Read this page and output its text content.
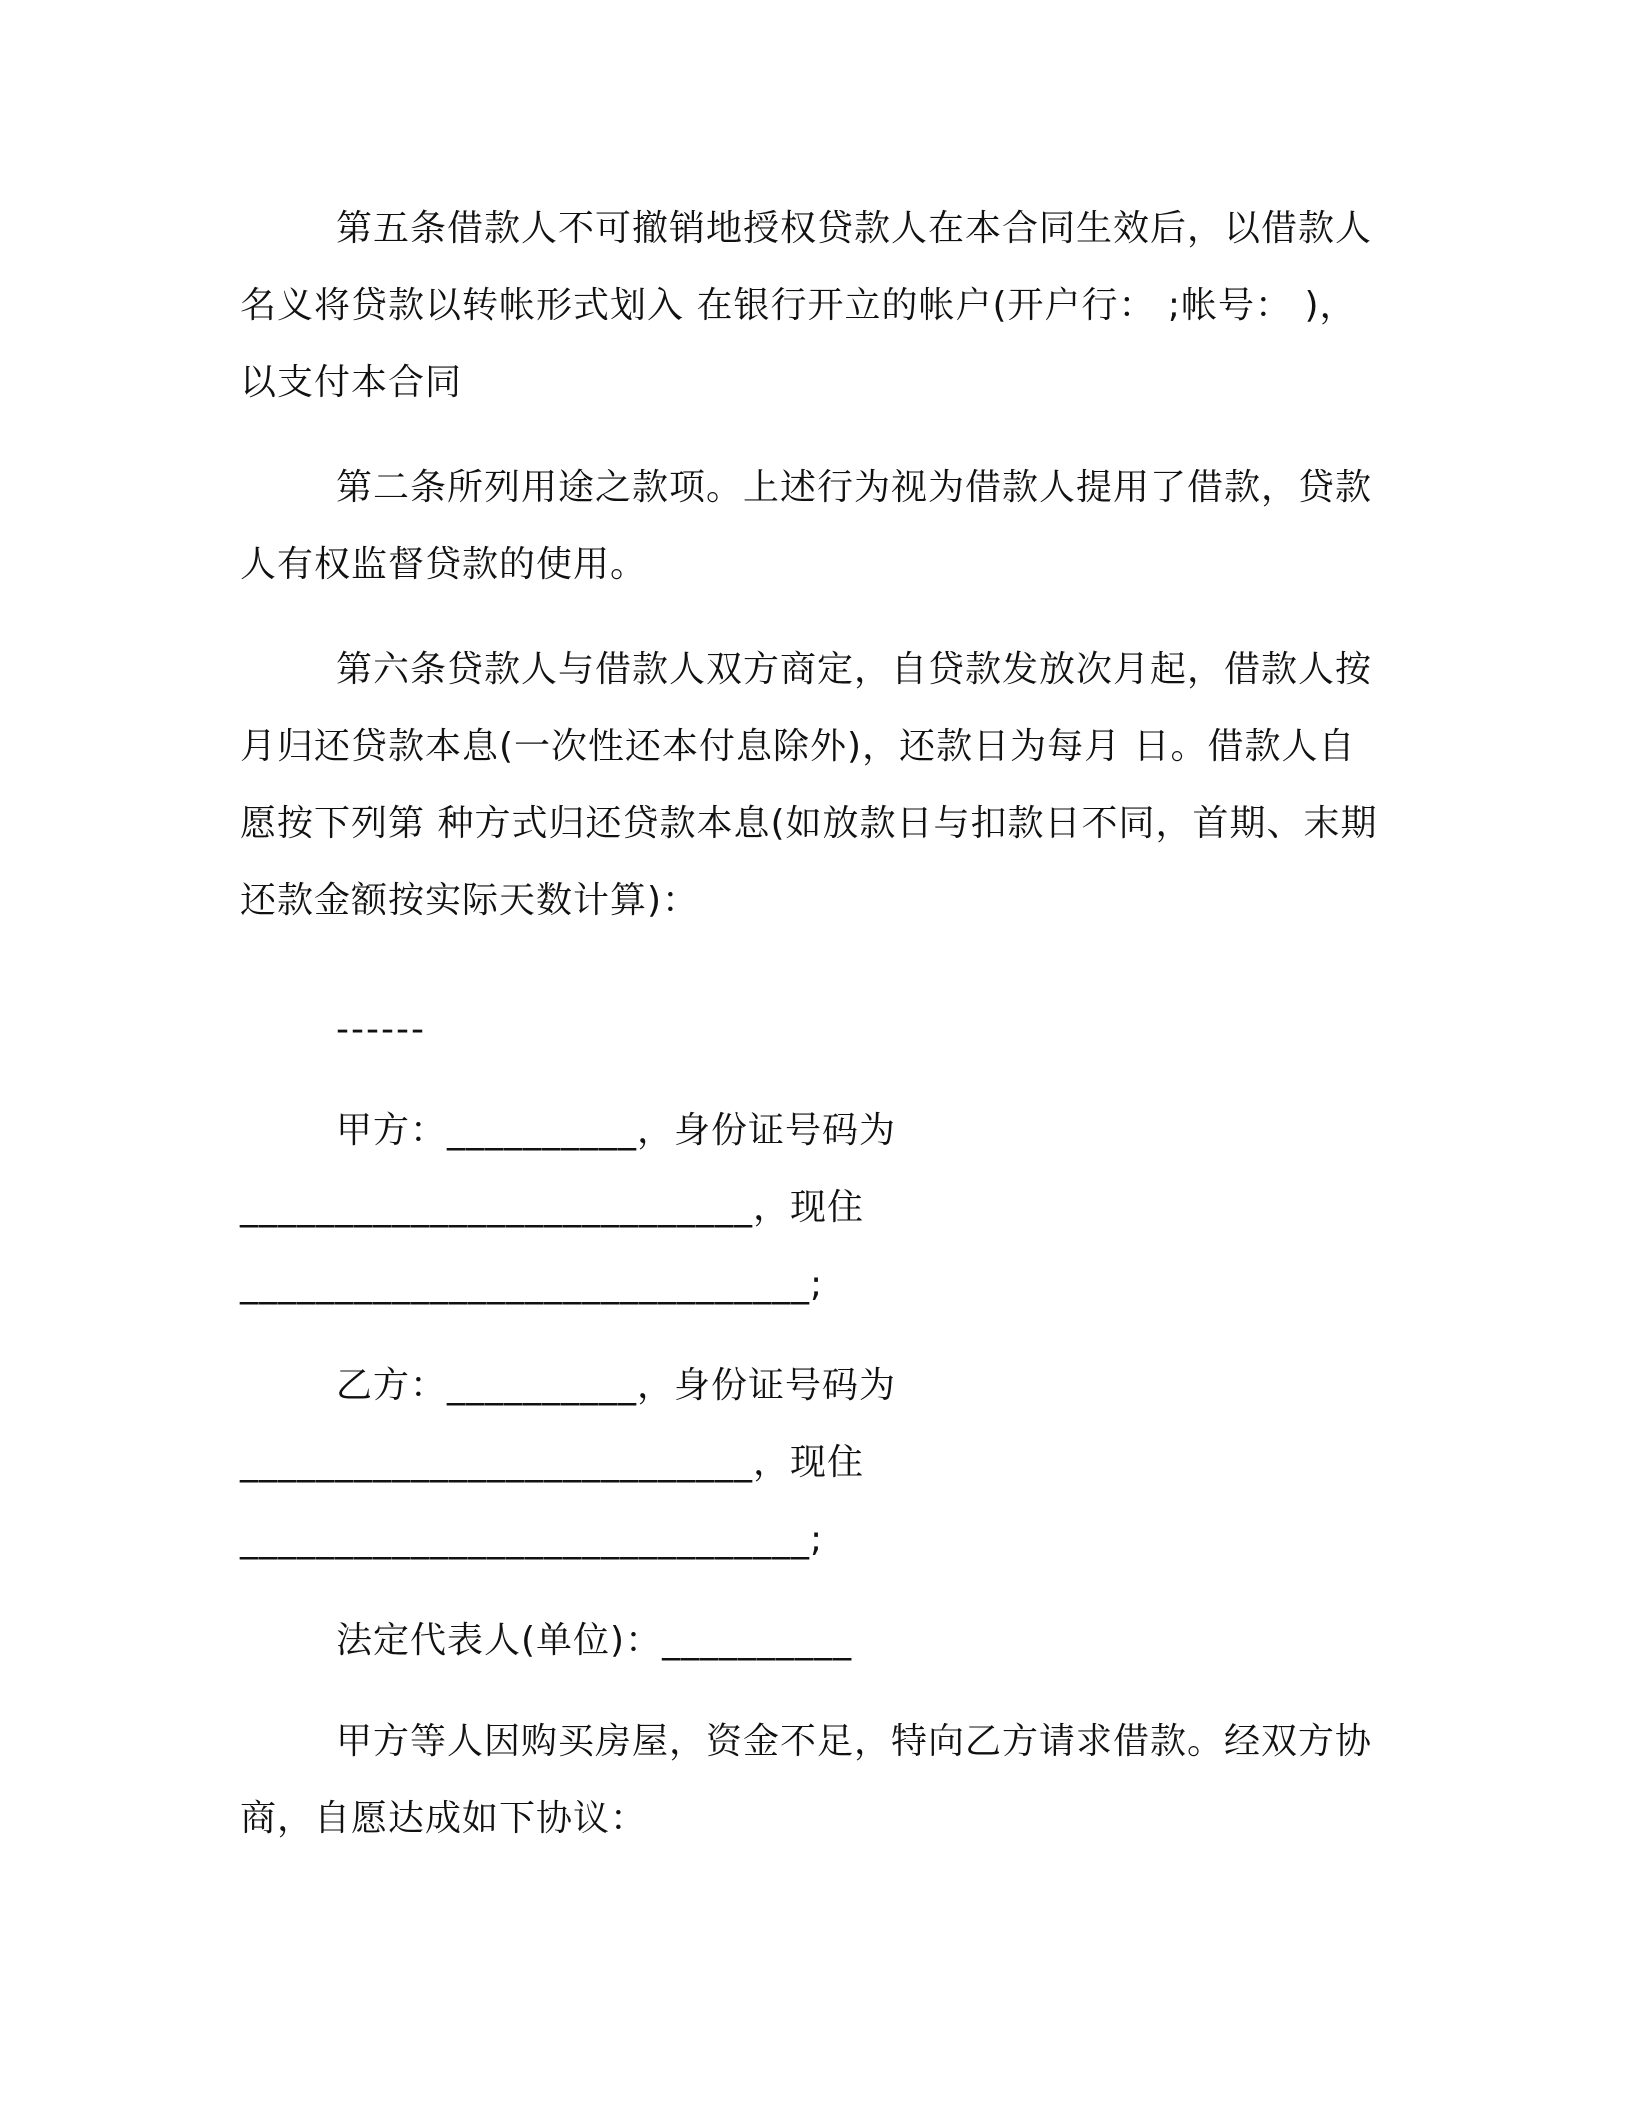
第五条借款人不可撤销地授权贷款人在本合同生效后，以借款人名义将贷款以转帐形式划入 在银行开立的帐户(开户行： ;帐号： )，以支付本合同

第二条所列用途之款项。上述行为视为借款人提用了借款，贷款人有权监督贷款的使用。

第六条贷款人与借款人双方商定，自贷款发放次月起，借款人按月归还贷款本息(一次性还本付息除外)，还款日为每月 日。借款人自愿按下列第 种方式归还贷款本息(如放款日与扣款日不同，首期、末期还款金额按实际天数计算)：

------

甲方：__________，身份证号码为

___________________________，现住

______________________________;

乙方：__________，身份证号码为

___________________________，现住

______________________________;

法定代表人(单位)：__________

甲方等人因购买房屋，资金不足，特向乙方请求借款。经双方协商，自愿达成如下协议：
